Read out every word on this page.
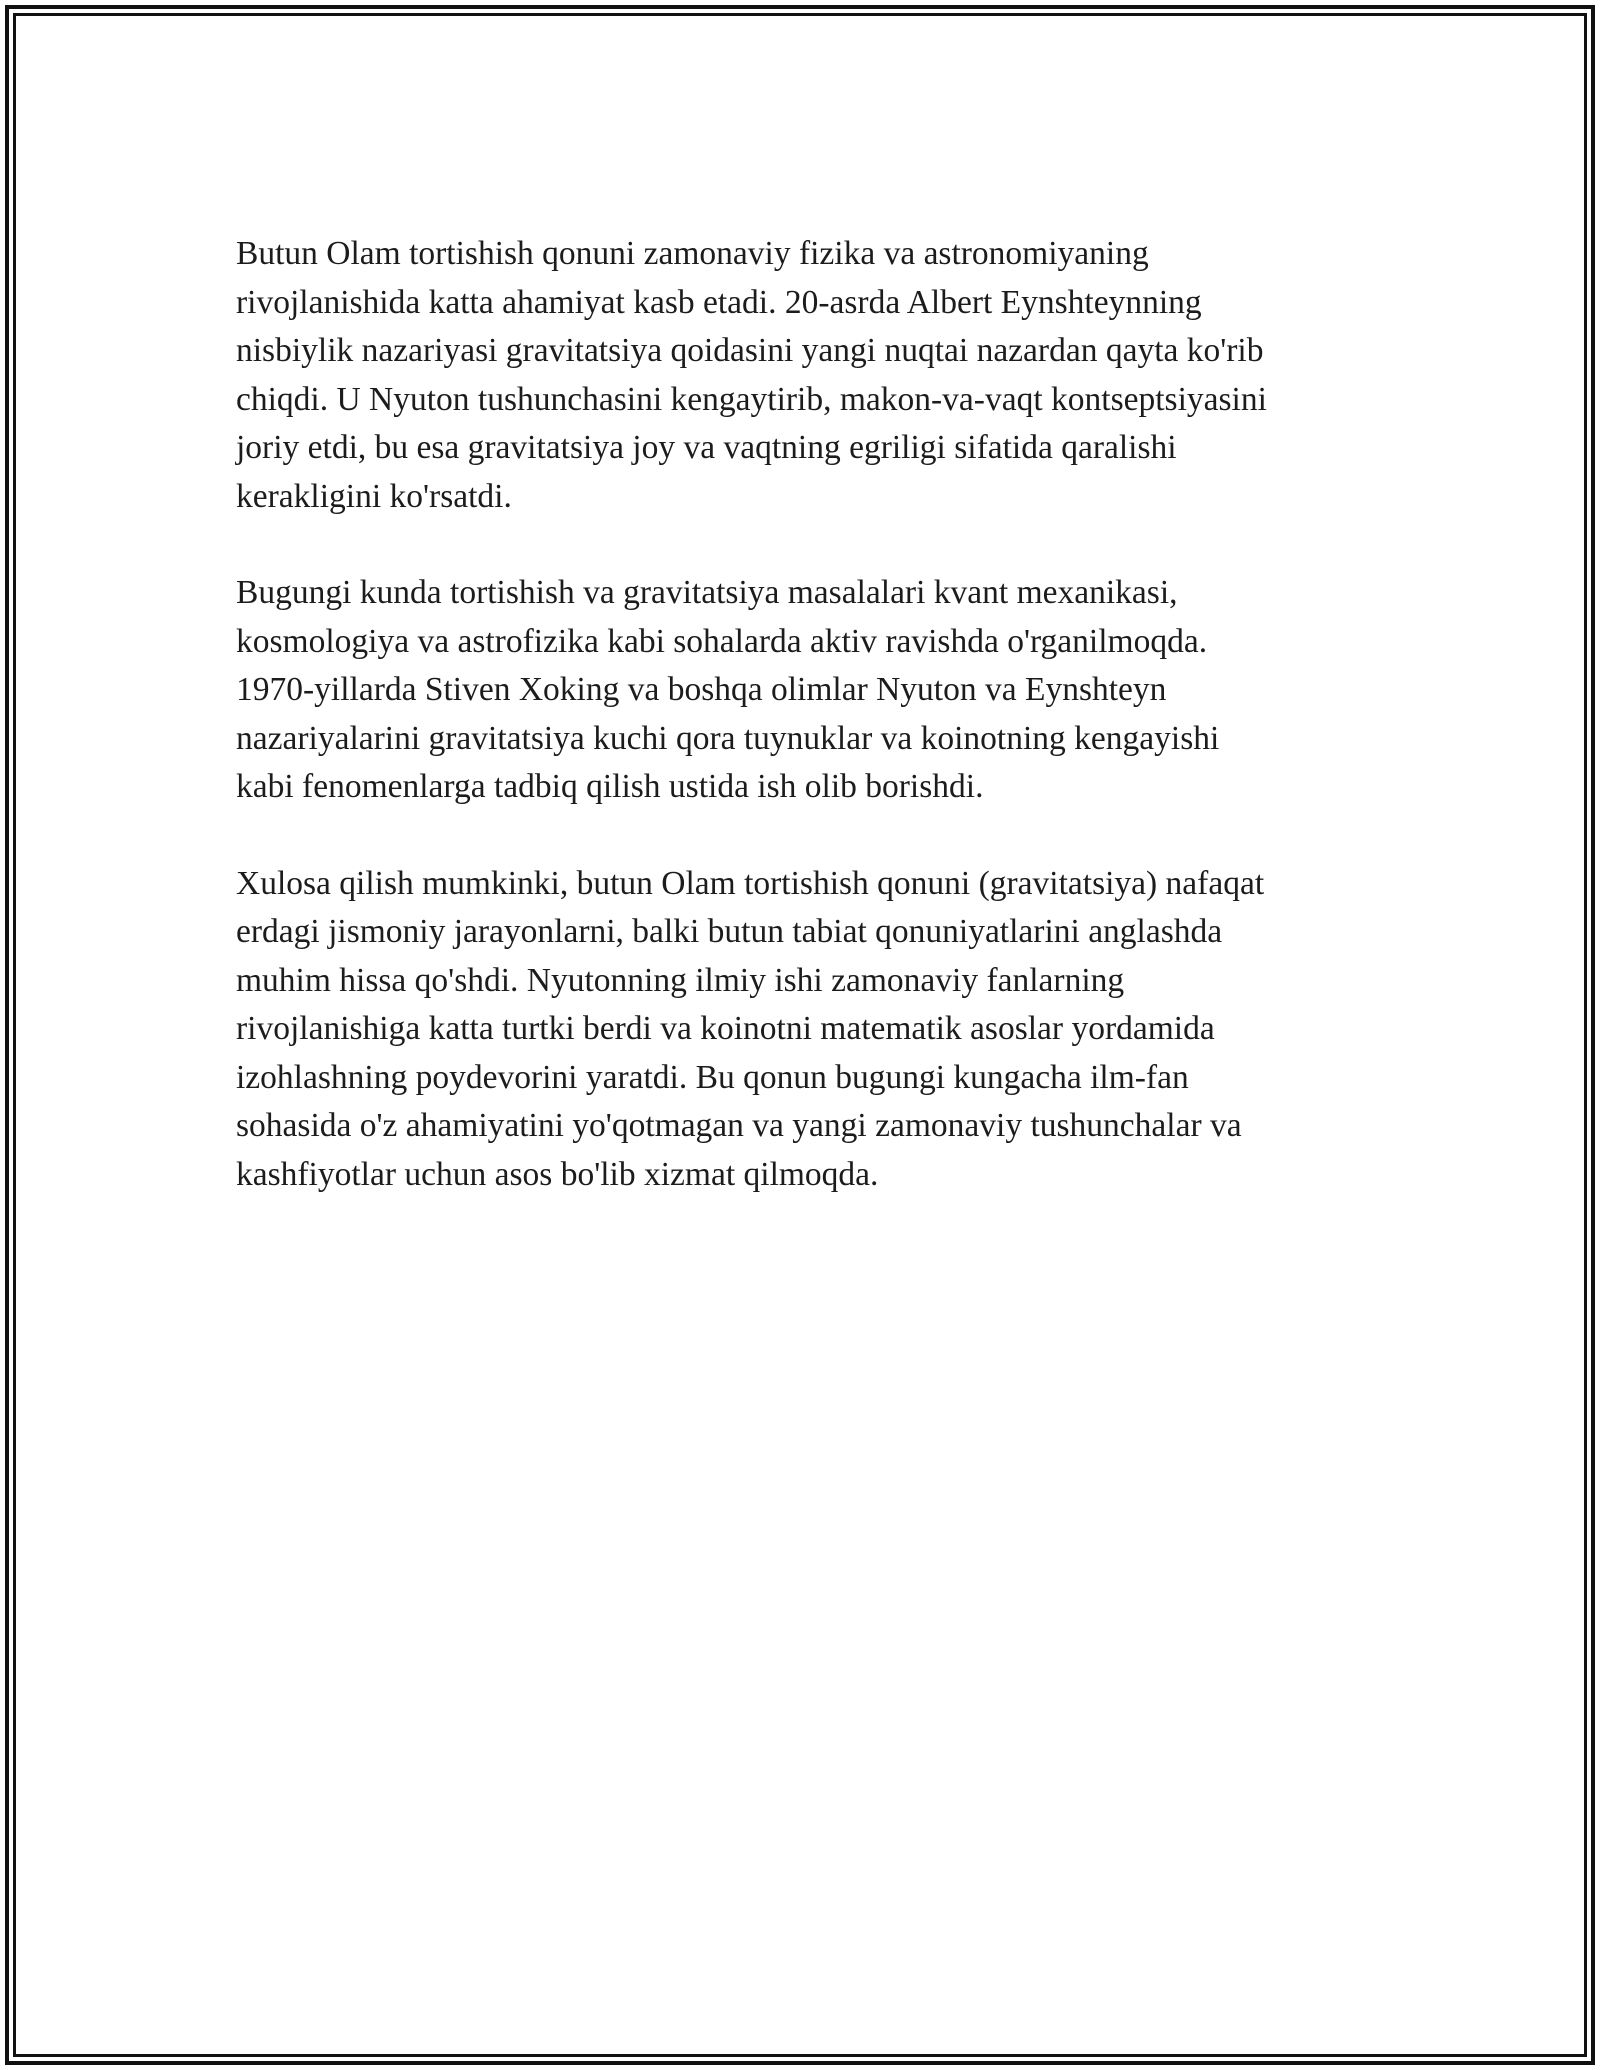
Butun Olam tortishish qonuni zamonaviy fizika va astronomiyaning
rivojlanishida katta ahamiyat kasb etadi. 20-asrda Albert Eynshteynning
nisbiylik nazariyasi gravitatsiya qoidasini yangi nuqtai nazardan qayta ko'rib
chiqdi. U Nyuton tushunchasini kengaytirib, makon-va-vaqt kontseptsiyasini
joriy etdi, bu esa gravitatsiya joy va vaqtning egriligi sifatida qaralishi
kerakligini ko'rsatdi.

Bugungi kunda tortishish va gravitatsiya masalalari kvant mexanikasi,
kosmologiya va astrofizika kabi sohalarda aktiv ravishda o'rganilmoqda.
1970-yillarda Stiven Xoking va boshqa olimlar Nyuton va Eynshteyn
nazariyalarini gravitatsiya kuchi qora tuynuklar va koinotning kengayishi
kabi fenomenlarga tadbiq qilish ustida ish olib borishdi.

Xulosa qilish mumkinki, butun Olam tortishish qonuni (gravitatsiya) nafaqat
erdagi jismoniy jarayonlarni, balki butun tabiat qonuniyatlarini anglashda
muhim hissa qo'shdi. Nyutonning ilmiy ishi zamonaviy fanlarning
rivojlanishiga katta turtki berdi va koinotni matematik asoslar yordamida
izohlashning poydevorini yaratdi. Bu qonun bugungi kungacha ilm-fan
sohasida o'z ahamiyatini yo'qotmagan va yangi zamonaviy tushunchalar va
kashfiyotlar uchun asos bo'lib xizmat qilmoqda.
